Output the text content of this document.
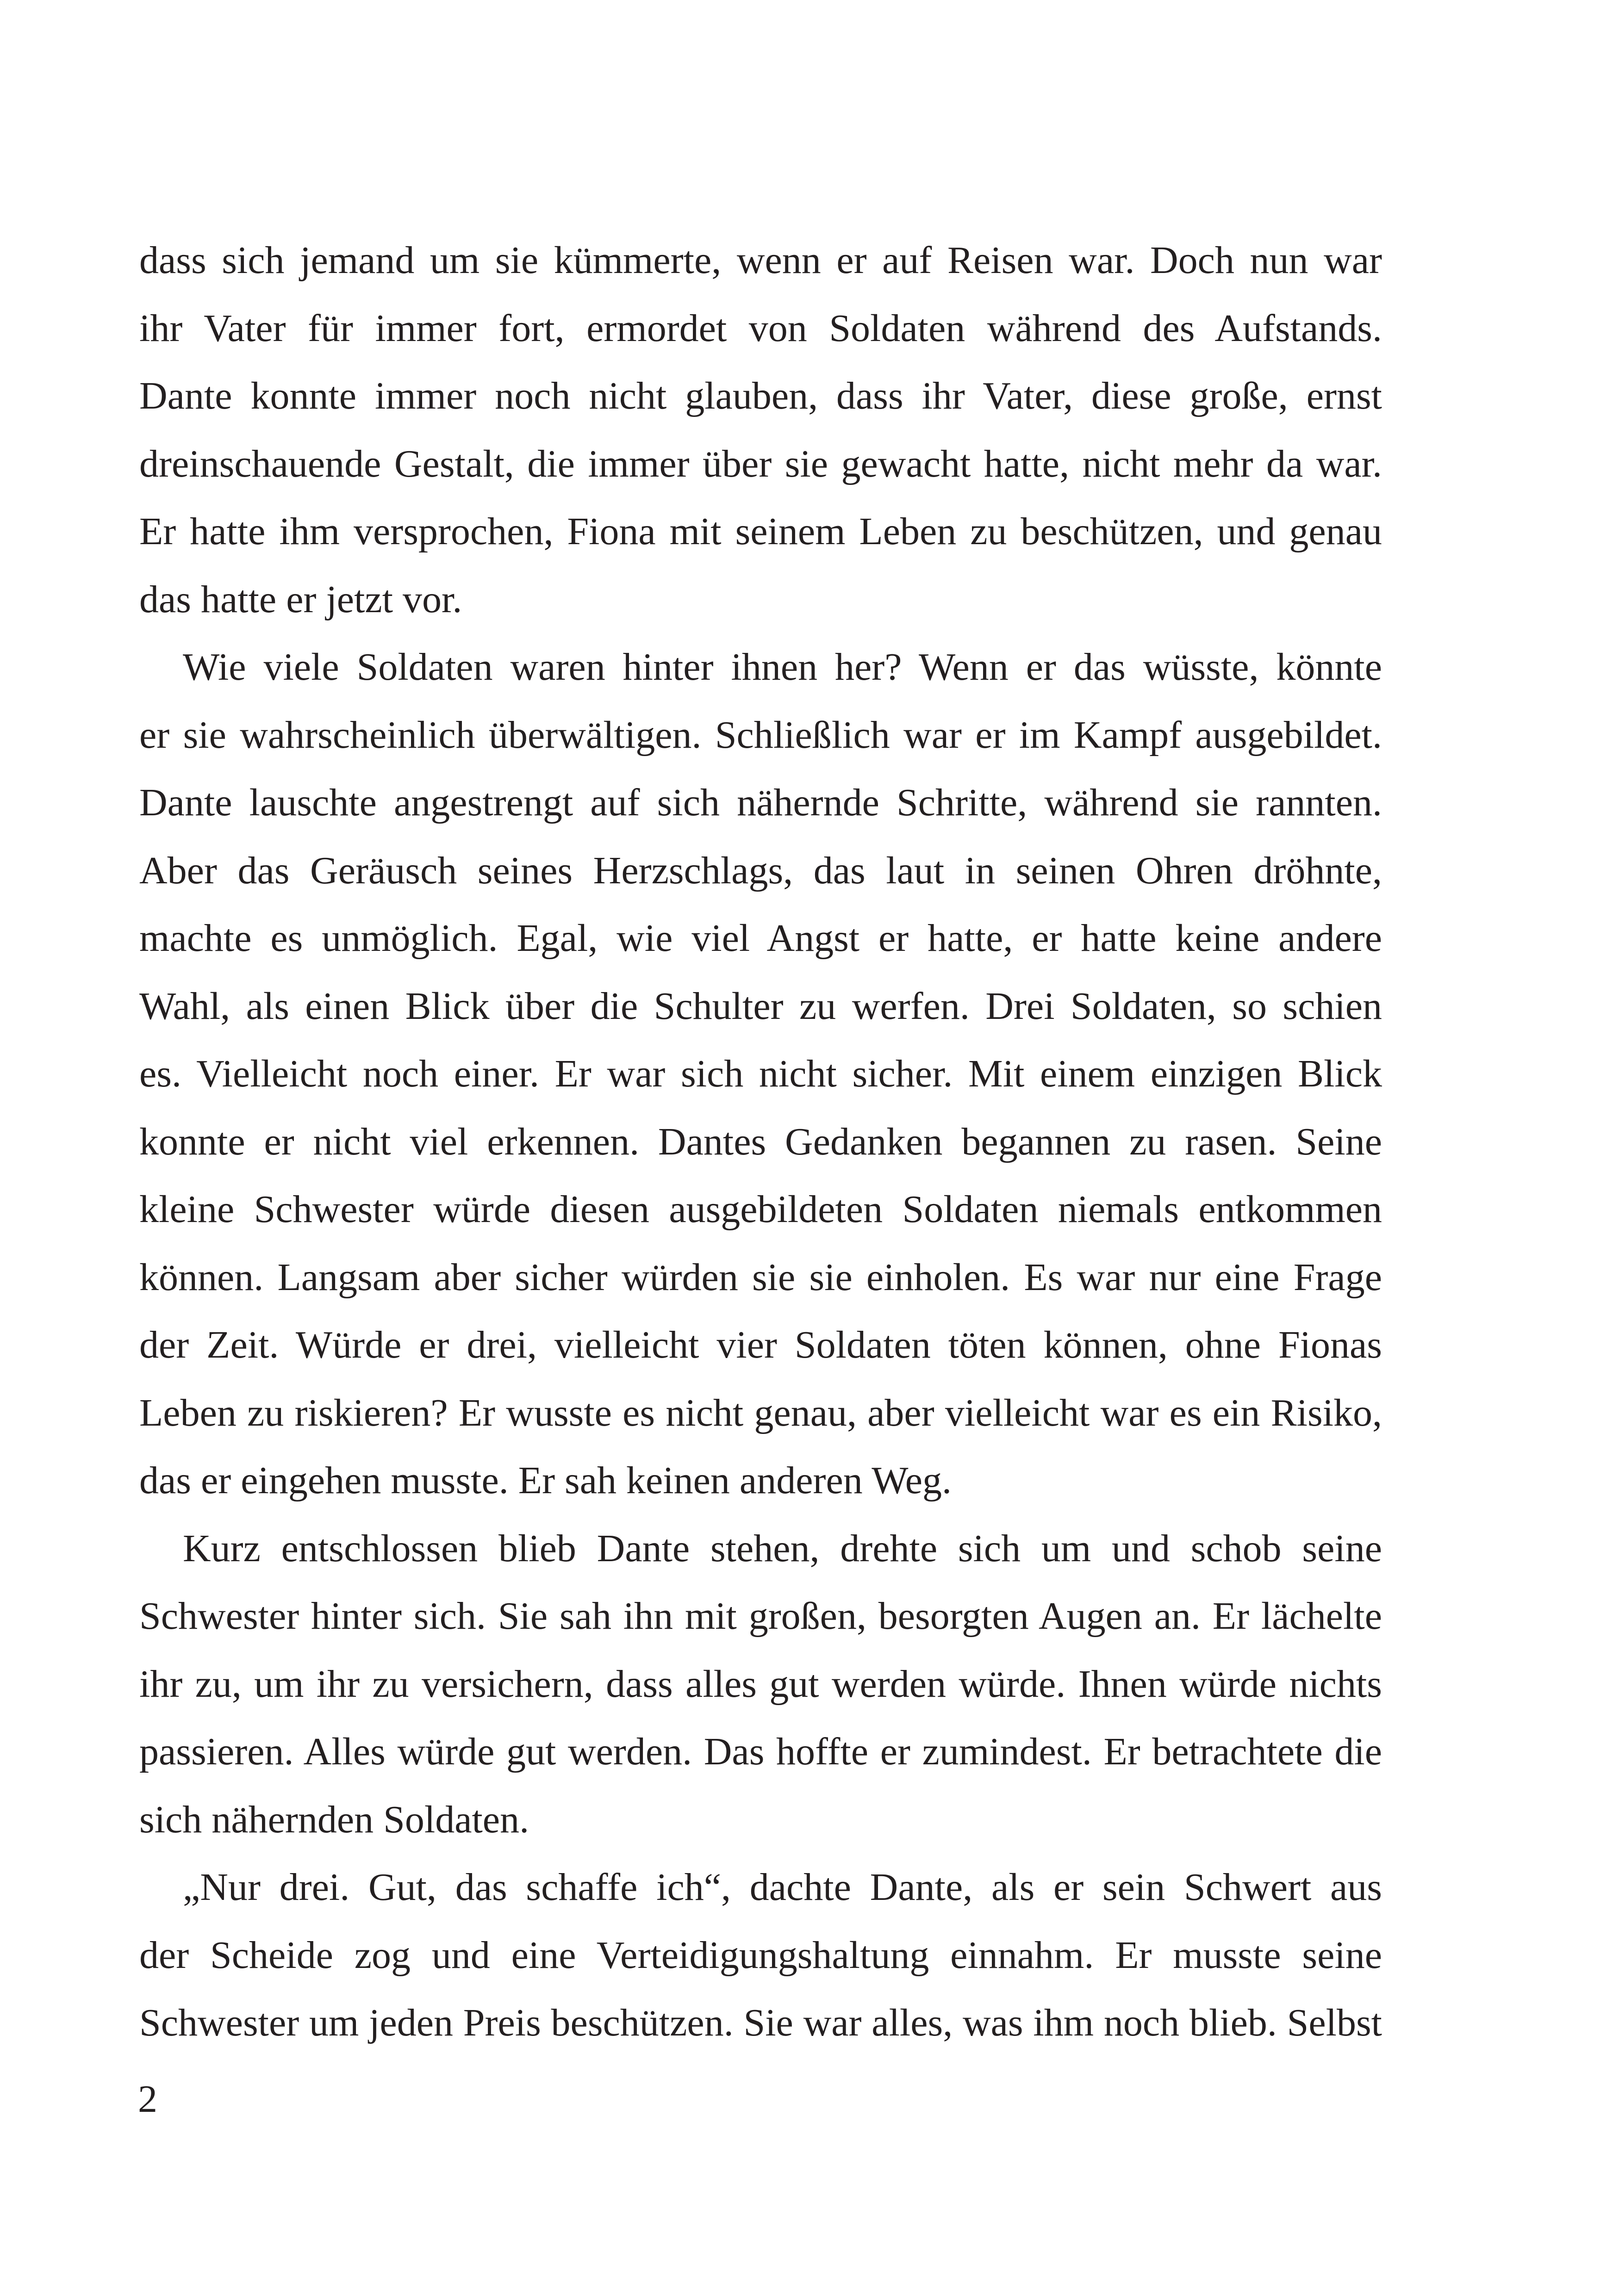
dass sich jemand um sie kümmerte, wenn er auf Reisen war. Doch nun war
ihr Vater für immer fort, ermordet von Soldaten während des Aufstands.
Dante konnte immer noch nicht glauben, dass ihr Vater, diese große, ernst
dreinschauende Gestalt, die immer über sie gewacht hatte, nicht mehr da war.
Er hatte ihm versprochen, Fiona mit seinem Leben zu beschützen, und genau
das hatte er jetzt vor.
Wie viele Soldaten waren hinter ihnen her? Wenn er das wüsste, könnte
er sie wahrscheinlich überwältigen. Schließlich war er im Kampf ausgebildet.
Dante lauschte angestrengt auf sich nähernde Schritte, während sie rannten.
Aber das Geräusch seines Herzschlags, das laut in seinen Ohren dröhnte,
machte es unmöglich. Egal, wie viel Angst er hatte, er hatte keine andere
Wahl, als einen Blick über die Schulter zu werfen. Drei Soldaten, so schien
es. Vielleicht noch einer. Er war sich nicht sicher. Mit einem einzigen Blick
konnte er nicht viel erkennen. Dantes Gedanken begannen zu rasen. Seine
kleine Schwester würde diesen ausgebildeten Soldaten niemals entkommen
können. Langsam aber sicher würden sie sie einholen. Es war nur eine Frage
der Zeit. Würde er drei, vielleicht vier Soldaten töten können, ohne Fionas
Leben zu riskieren? Er wusste es nicht genau, aber vielleicht war es ein Risiko,
das er eingehen musste. Er sah keinen anderen Weg.
Kurz entschlossen blieb Dante stehen, drehte sich um und schob seine
Schwester hinter sich. Sie sah ihn mit großen, besorgten Augen an. Er lächelte
ihr zu, um ihr zu versichern, dass alles gut werden würde. Ihnen würde nichts
passieren. Alles würde gut werden. Das hoffte er zumindest. Er betrachtete die
sich nähernden Soldaten.
„Nur drei. Gut, das schaffe ich“, dachte Dante, als er sein Schwert aus
der Scheide zog und eine Verteidigungshaltung einnahm. Er musste seine
Schwester um jeden Preis beschützen. Sie war alles, was ihm noch blieb. Selbst
2
